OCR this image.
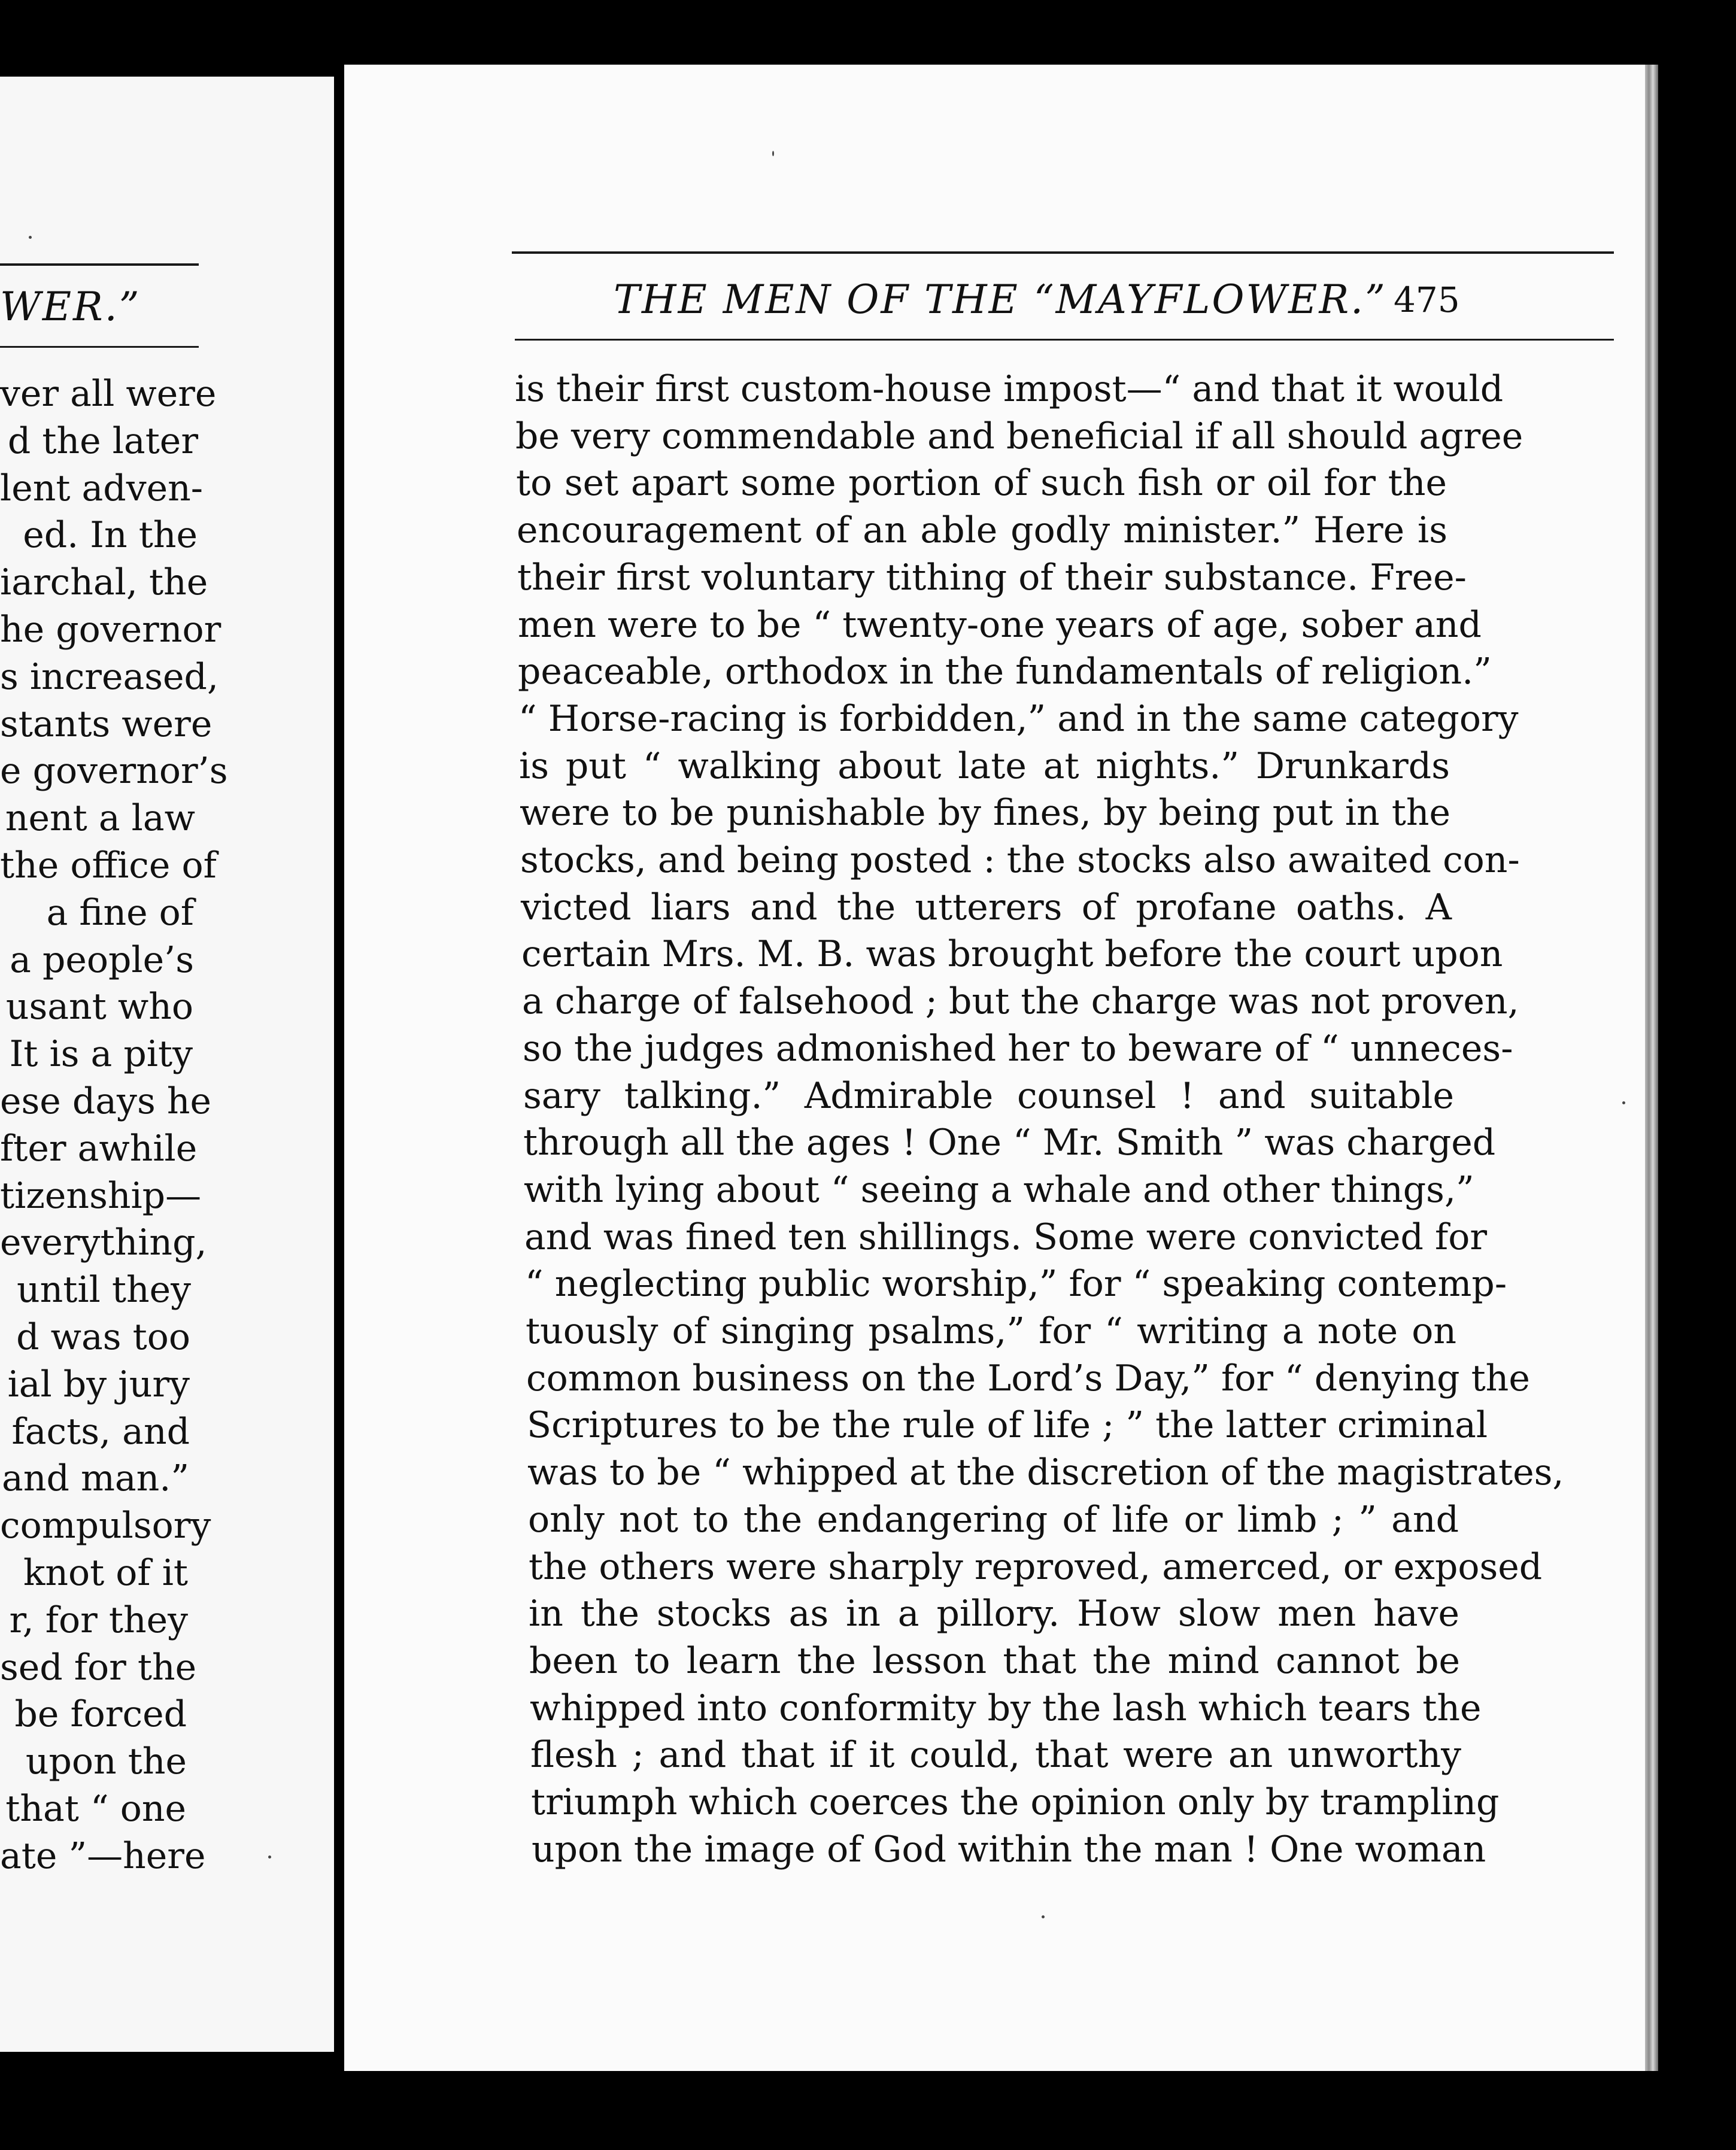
WER.”
ver all were
d the later
lent adven-
ed. In the
iarchal, the
he governor
s increased,
stants were
e governor’s
nent a law
the office of
a fine of
a people’s
usant who
It is a pity
ese days he
fter awhile
tizenship—
everything,
until they
d was too
ial by jury
facts, and
and man.”
compulsory
knot of it
r, for they
sed for the
be forced
upon the
that “ one
ate ”—here
THE MEN OF THE “MAYFLOWER.” 475
is their first custom-house impost—“ and that it would
be very commendable and beneficial if all should agree
to set apart some portion of such fish or oil for the
encouragement of an able godly minister.” Here is
their first voluntary tithing of their substance. Free-
men were to be “ twenty-one years of age, sober and
peaceable, orthodox in the fundamentals of religion.”
“ Horse-racing is forbidden,” and in the same category
is put “ walking about late at nights.” Drunkards
were to be punishable by fines, by being put in the
stocks, and being posted : the stocks also awaited con-
victed liars and the utterers of profane oaths. A
certain Mrs. M. B. was brought before the court upon
a charge of falsehood ; but the charge was not proven,
so the judges admonished her to beware of “ unneces-
sary talking.” Admirable counsel ! and suitable
through all the ages ! One “ Mr. Smith ” was charged
with lying about “ seeing a whale and other things,”
and was fined ten shillings. Some were convicted for
“ neglecting public worship,” for “ speaking contemp-
tuously of singing psalms,” for “ writing a note on
common business on the Lord’s Day,” for “ denying the
Scriptures to be the rule of life ; ” the latter criminal
was to be “ whipped at the discretion of the magistrates,
only not to the endangering of life or limb ; ” and
the others were sharply reproved, amerced, or exposed
in the stocks as in a pillory. How slow men have
been to learn the lesson that the mind cannot be
whipped into conformity by the lash which tears the
flesh ; and that if it could, that were an unworthy
triumph which coerces the opinion only by trampling
upon the image of God within the man ! One woman
